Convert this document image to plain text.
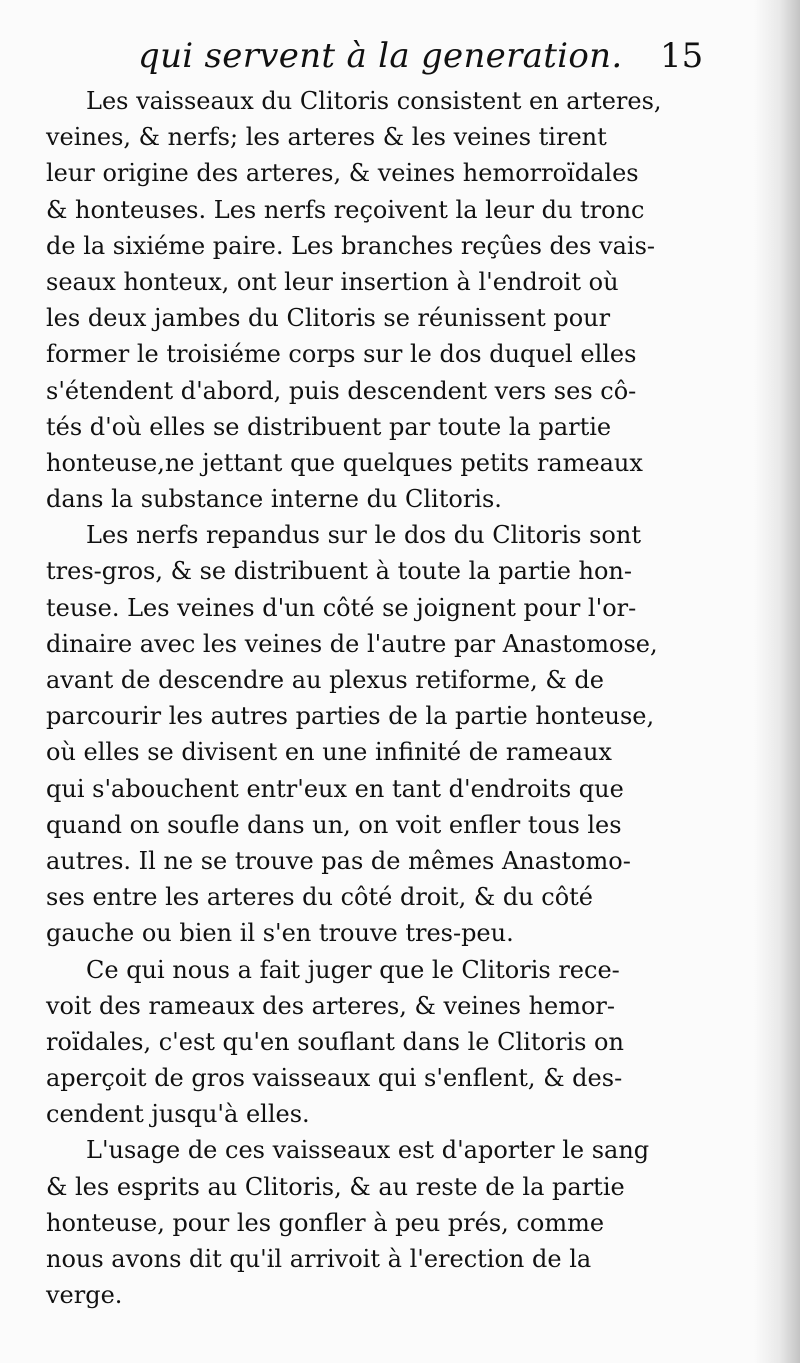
qui servent à la generation. 15
Les vaisseaux du Clitoris consistent en arteres,
veines, & nerfs; les arteres & les veines tirent
leur origine des arteres, & veines hemorroïdales
& honteuses. Les nerfs reçoivent la leur du tronc
de la sixiéme paire. Les branches reçûes des vais-
seaux honteux, ont leur insertion à l'endroit où
les deux jambes du Clitoris se réunissent pour
former le troisiéme corps sur le dos duquel elles
s'étendent d'abord, puis descendent vers ses cô-
tés d'où elles se distribuent par toute la partie
honteuse,ne jettant que quelques petits rameaux
dans la substance interne du Clitoris.
Les nerfs repandus sur le dos du Clitoris sont
tres-gros, & se distribuent à toute la partie hon-
teuse. Les veines d'un côté se joignent pour l'or-
dinaire avec les veines de l'autre par Anastomose,
avant de descendre au plexus retiforme, & de
parcourir les autres parties de la partie honteuse,
où elles se divisent en une infinité de rameaux
qui s'abouchent entr'eux en tant d'endroits que
quand on soufle dans un, on voit enfler tous les
autres. Il ne se trouve pas de mêmes Anastomo-
ses entre les arteres du côté droit, & du côté
gauche ou bien il s'en trouve tres-peu.
Ce qui nous a fait juger que le Clitoris rece-
voit des rameaux des arteres, & veines hemor-
roïdales, c'est qu'en souflant dans le Clitoris on
aperçoit de gros vaisseaux qui s'enflent, & des-
cendent jusqu'à elles.
L'usage de ces vaisseaux est d'aporter le sang
& les esprits au Clitoris, & au reste de la partie
honteuse, pour les gonfler à peu prés, comme
nous avons dit qu'il arrivoit à l'erection de la
verge.
